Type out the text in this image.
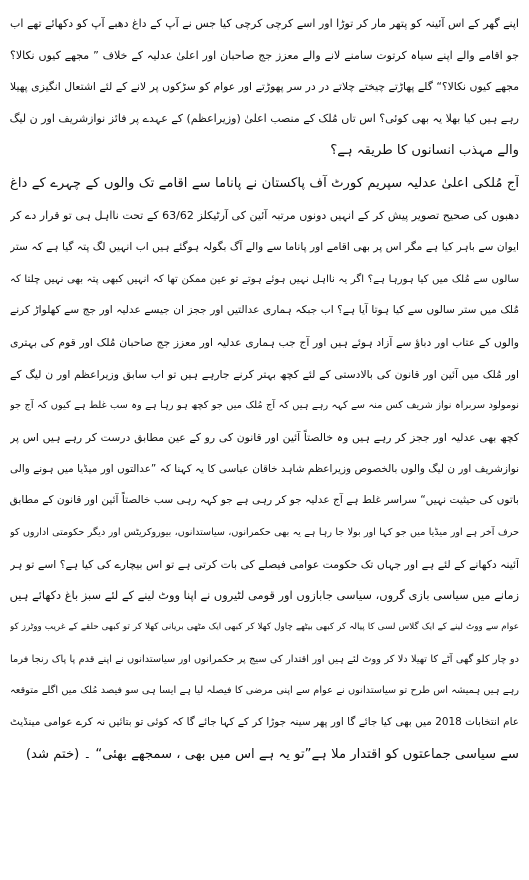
اپنے گھر کے اس آئینہ کو پتھر مار کر توڑا اور اسے کرچی کرچی کیا جس نے آپ کے داغ دھبے آپ کو دکھائے تھے اب
جو اقامے والے اپنے سیاہ کرتوت سامنے لانے والے معزز جج صاحبان اور اعلیٰ عدلیہ کے خلاف ” مجھے کیوں نکالا؟
مجھے کیوں نکالا؟“ گلے پھاڑتے چیختے چلاتے در در سر پھوڑتے اور عوام کو سڑکوں پر لانے کے لئے اشتعال انگیزی پھیلا
رہے ہیں کیا بھلا یہ بھی کوئی؟ اس تاں مُلک کے منصب اعلیٰ (وزیراعظم) کے عہدے پر فائز نوازشریف اور ن لیگ
والے مہذب انسانوں کا طریقہ ہے؟
آج مُلکی اعلیٰ عدلیہ سپریم کورٹ آف پاکستان نے پاناما سے اقامے تک والوں کے چہرے کے داغ
دھبوں کی صحیح تصویر پیش کر کے انہیں دونوں مرتبہ آئین کی آرٹیکلز 63/62 کے تحت نااہل ہی تو قرار دے کر
ایوان سے باہر کیا ہے مگر اس پر بھی اقامے اور پاناما سے والے آگ بگولہ ہوگئے ہیں اب انہیں لگ پتہ گیا ہے کہ ستر
سالوں سے مُلک میں کیا ہورہا ہے؟ اگر یہ نااہل نہیں ہوئے ہوتے تو عین ممکن تھا کہ انہیں کبھی پتہ بھی نہیں چلتا کہ
مُلک میں ستر سالوں سے کیا ہوتا آیا ہے؟ اب جبکہ ہماری عدالتیں اور ججز ان جیسے عدلیہ اور جج سے کھلواڑ کرنے
والوں کے عتاب اور دباؤ سے آزاد ہوئے ہیں اور آج جب ہماری عدلیہ اور معزز جج صاحبان مُلک اور قوم کی بہتری
اور مُلک میں آئین اور قانون کی بالادستی کے لئے کچھ بہتر کرنے جارہے ہیں تو اب سابق وزیراعظم اور ن لیگ کے
نومولود سربراہ نواز شریف کس منہ سے کہہ رہے ہیں کہ آج مُلک میں جو کچھ ہو رہا ہے وہ سب غلط ہے کیوں کہ آج جو
کچھ بھی عدلیہ اور ججز کر رہے ہیں وہ خالصتاً آئین اور قانون کی رو کے عین مطابق درست کر رہے ہیں اس پر
نوازشریف اور ن لیگ والوں بالخصوص وزیراعظم شاہد خاقان عباسی کا یہ کہنا کہ ”عدالتوں اور میڈیا میں ہونے والی
باتوں کی حیثیت نہیں“ سراسر غلط ہے آج عدلیہ جو کر رہی ہے جو کہہ رہی سب خالصتاً آئین اور قانون کے مطابق
حرف آخر ہے اور میڈیا میں جو کہا اور بولا جا رہا ہے یہ بھی حکمرانوں، سیاستدانوں، بیوروکریٹس اور دیگر حکومتی اداروں کو
آئینہ دکھانے کے لئے ہے اور جہاں تک حکومت عوامی فیصلے کی بات کرتی ہے تو اس بیچارے کی کیا ہے؟ اسے تو ہر
زمانے میں سیاسی بازی گروں، سیاسی جابازوں اور قومی لٹیروں نے اپنا ووٹ لینے کے لئے سبز باغ دکھائے ہیں
عوام سے ووٹ لینے کے ایک گلاس لسی کا پیالہ کر کبھی بیٹھے چاول کھلا کر کبھی ایک مٹھی بریانی کھلا کر تو کبھی حلقے کے غریب ووٹرز کو
دو چار کلو گھی آٹے کا تھیلا دلا کر ووٹ لئے ہیں اور اقتدار کی سیج پر حکمرانوں اور سیاستدانوں نے اپنے قدم پا پاک رنجا فرما
رہے ہیں ہمیشہ اس طرح تو سیاستدانوں نے عوام سے اپنی مرضی کا فیصلہ لیا ہے ایسا ہی سو فیصد مُلک میں اگلے متوقعہ
عام انتخابات 2018 میں بھی کیا جائے گا اور پھر سینہ جوڑا کر کے کہا جائے گا کہ کوئی تو بتائیں نہ کرے عوامی مینڈیٹ
سے سیاسی جماعتوں کو اقتدار ملا ہے”تو یہ ہے اس میں بھی ، سمجھے بھئی“ ۔ (ختم شد)
